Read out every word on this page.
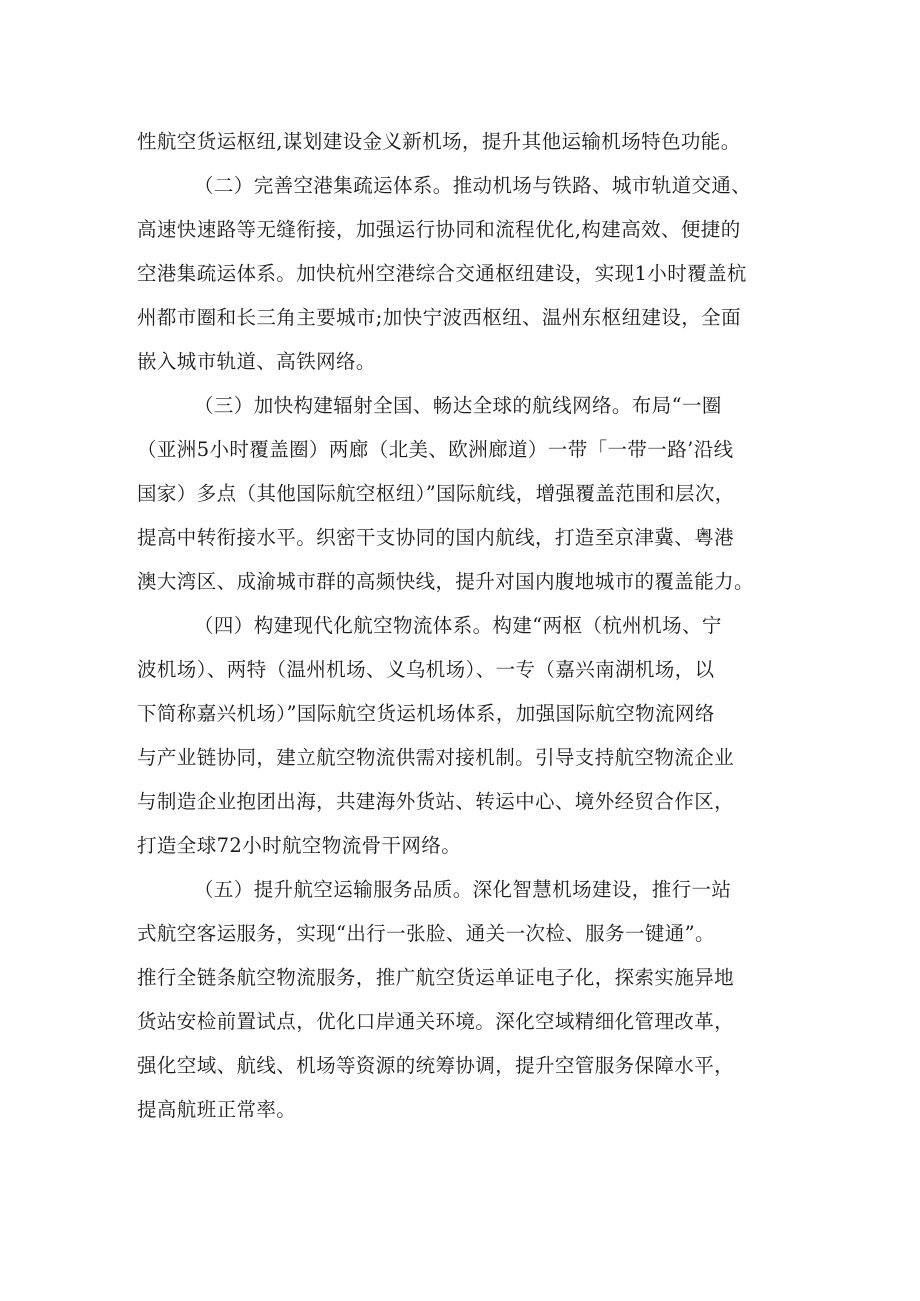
性航空货运枢纽,谋划建设金义新机场，提升其他运输机场特色功能。
（二）完善空港集疏运体系。推动机场与铁路、城市轨道交通、
高速快速路等无缝衔接，加强运行协同和流程优化,构建高效、便捷的
空港集疏运体系。加快杭州空港综合交通枢纽建设，实现1小时覆盖杭
州都市圈和长三角主要城市;加快宁波西枢纽、温州东枢纽建设，全面
嵌入城市轨道、高铁网络。
（三）加快构建辐射全国、畅达全球的航线网络。布局“一圈
（亚洲5小时覆盖圈）两廊（北美、欧洲廊道）一带「一带一路’沿线
国家）多点（其他国际航空枢纽）”国际航线，增强覆盖范围和层次，
提高中转衔接水平。织密干支协同的国内航线，打造至京津冀、粤港
澳大湾区、成渝城市群的高频快线，提升对国内腹地城市的覆盖能力。
（四）构建现代化航空物流体系。构建“两枢（杭州机场、宁
波机场）、两特（温州机场、义乌机场）、一专（嘉兴南湖机场，以
下简称嘉兴机场）”国际航空货运机场体系，加强国际航空物流网络
与产业链协同，建立航空物流供需对接机制。引导支持航空物流企业
与制造企业抱团出海，共建海外货站、转运中心、境外经贸合作区，
打造全球72小时航空物流骨干网络。
（五）提升航空运输服务品质。深化智慧机场建设，推行一站
式航空客运服务，实现“出行一张脸、通关一次检、服务一键通”。
推行全链条航空物流服务，推广航空货运单证电子化，探索实施异地
货站安检前置试点，优化口岸通关环境。深化空域精细化管理改革，
强化空域、航线、机场等资源的统筹协调，提升空管服务保障水平，
提高航班正常率。
